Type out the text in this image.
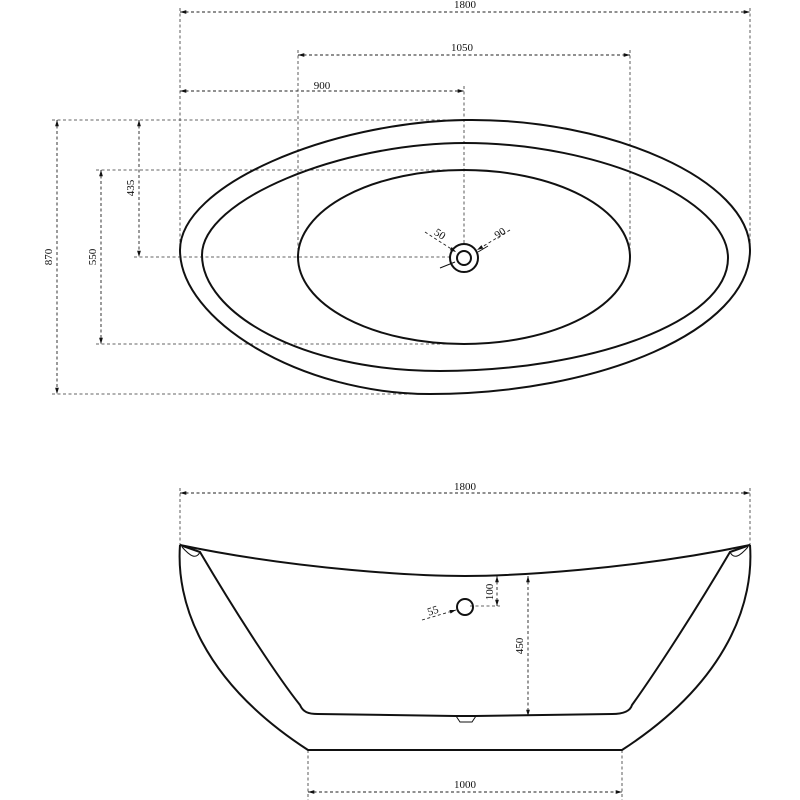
1800
1050
900
870	550
435
50	90
1800
1000
450
100
55
